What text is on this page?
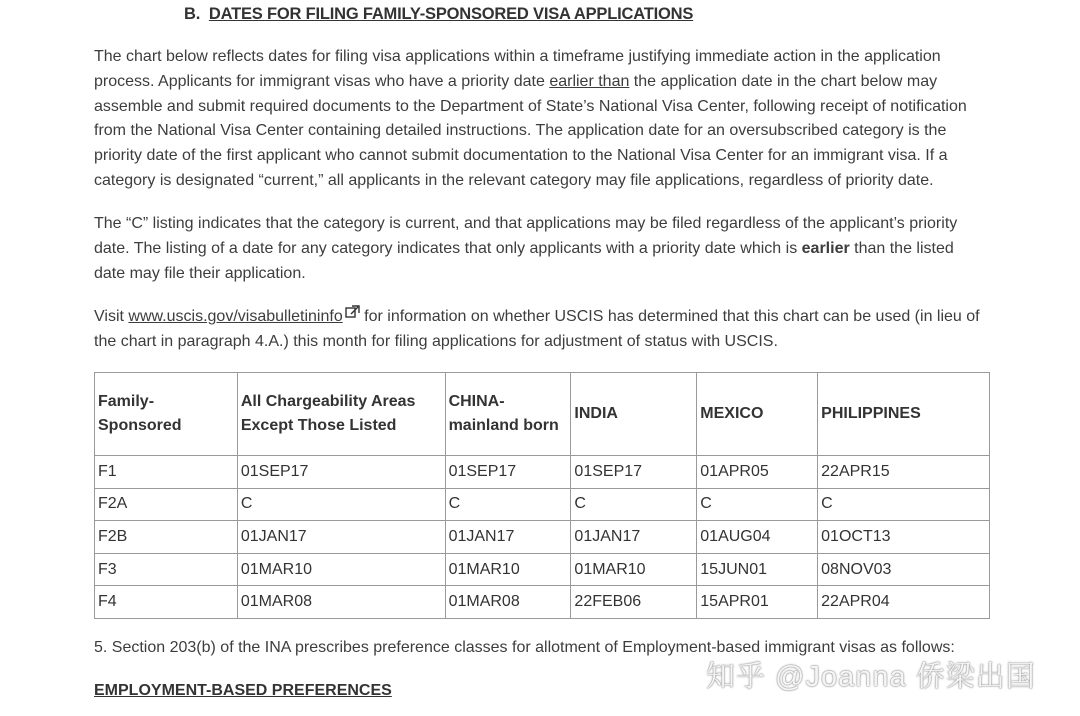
B. DATES FOR FILING FAMILY-SPONSORED VISA APPLICATIONS
The chart below reflects dates for filing visa applications within a timeframe justifying immediate action in the application process. Applicants for immigrant visas who have a priority date earlier than the application date in the chart below may assemble and submit required documents to the Department of State’s National Visa Center, following receipt of notification from the National Visa Center containing detailed instructions. The application date for an oversubscribed category is the priority date of the first applicant who cannot submit documentation to the National Visa Center for an immigrant visa. If a category is designated “current,” all applicants in the relevant category may file applications, regardless of priority date.
The “C” listing indicates that the category is current, and that applications may be filed regardless of the applicant’s priority date. The listing of a date for any category indicates that only applicants with a priority date which is earlier than the listed date may file their application.
Visit www.uscis.gov/visabulletininfo for information on whether USCIS has determined that this chart can be used (in lieu of the chart in paragraph 4.A.) this month for filing applications for adjustment of status with USCIS.
Family-Sponsored	All Chargeability Areas Except Those Listed	CHINA-mainland born	INDIA	MEXICO	PHILIPPINES
F1	01SEP17	01SEP17	01SEP17	01APR05	22APR15
F2A	C	C	C	C	C
F2B	01JAN17	01JAN17	01JAN17	01AUG04	01OCT13
F3	01MAR10	01MAR10	01MAR10	15JUN01	08NOV03
F4	01MAR08	01MAR08	22FEB06	15APR01	22APR04
5. Section 203(b) of the INA prescribes preference classes for allotment of Employment-based immigrant visas as follows:
EMPLOYMENT-BASED PREFERENCES	知乎 @Joanna 侨梁出国
